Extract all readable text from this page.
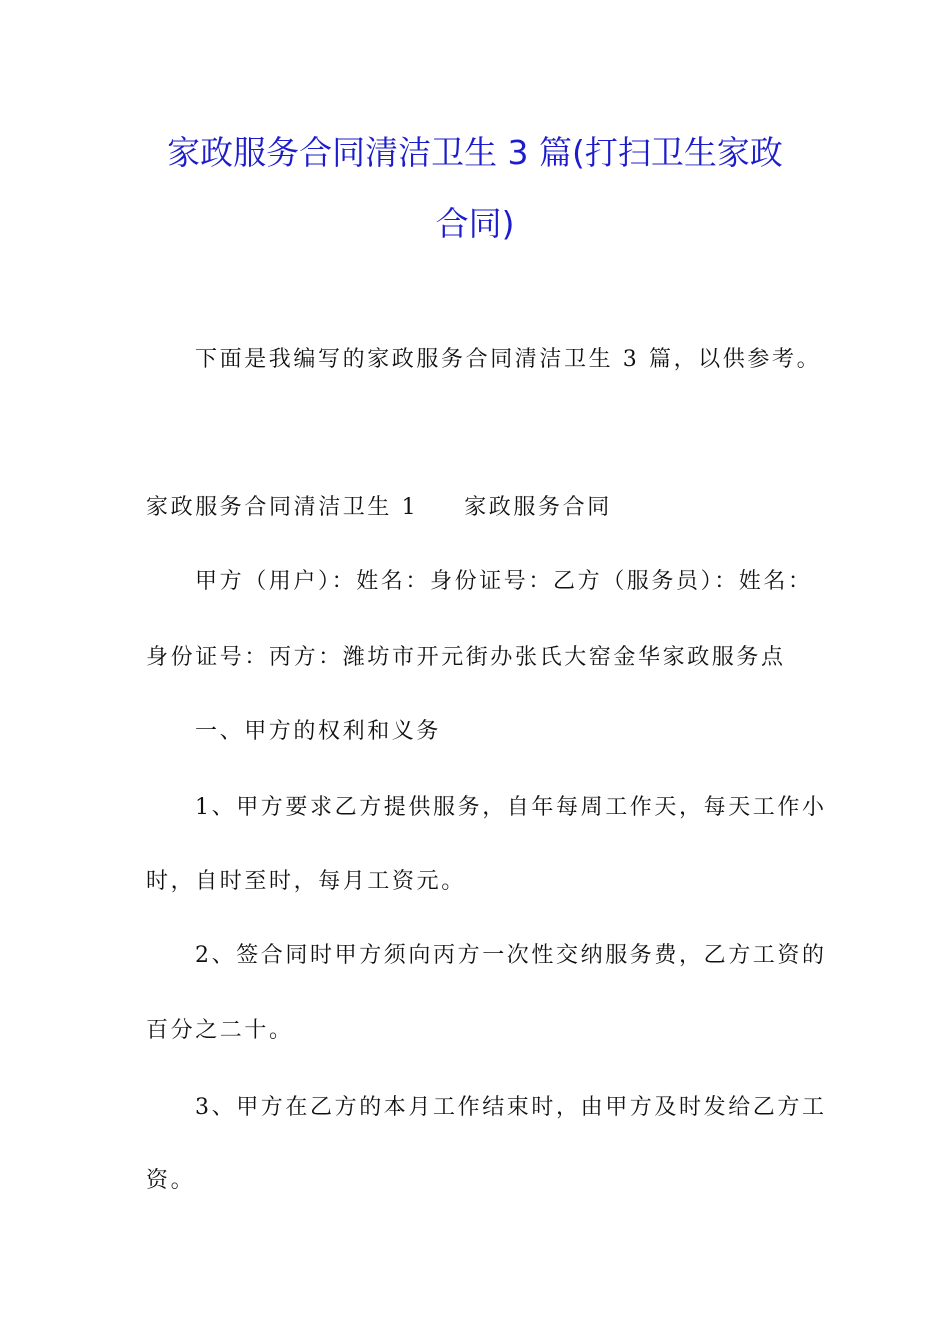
家政服务合同清洁卫生 3 篇(打扫卫生家政
合同)
下面是我编写的家政服务合同清洁卫生 3 篇，以供参考。
家政服务合同清洁卫生 1 家政服务合同
甲方（用户）：姓名：身份证号：乙方（服务员）：姓名：
身份证号：丙方：潍坊市开元街办张氏大窑金华家政服务点
一、甲方的权利和义务
1、甲方要求乙方提供服务，自年每周工作天，每天工作小
时，自时至时，每月工资元。
2、签合同时甲方须向丙方一次性交纳服务费，乙方工资的
百分之二十。
3、甲方在乙方的本月工作结束时，由甲方及时发给乙方工
资。
